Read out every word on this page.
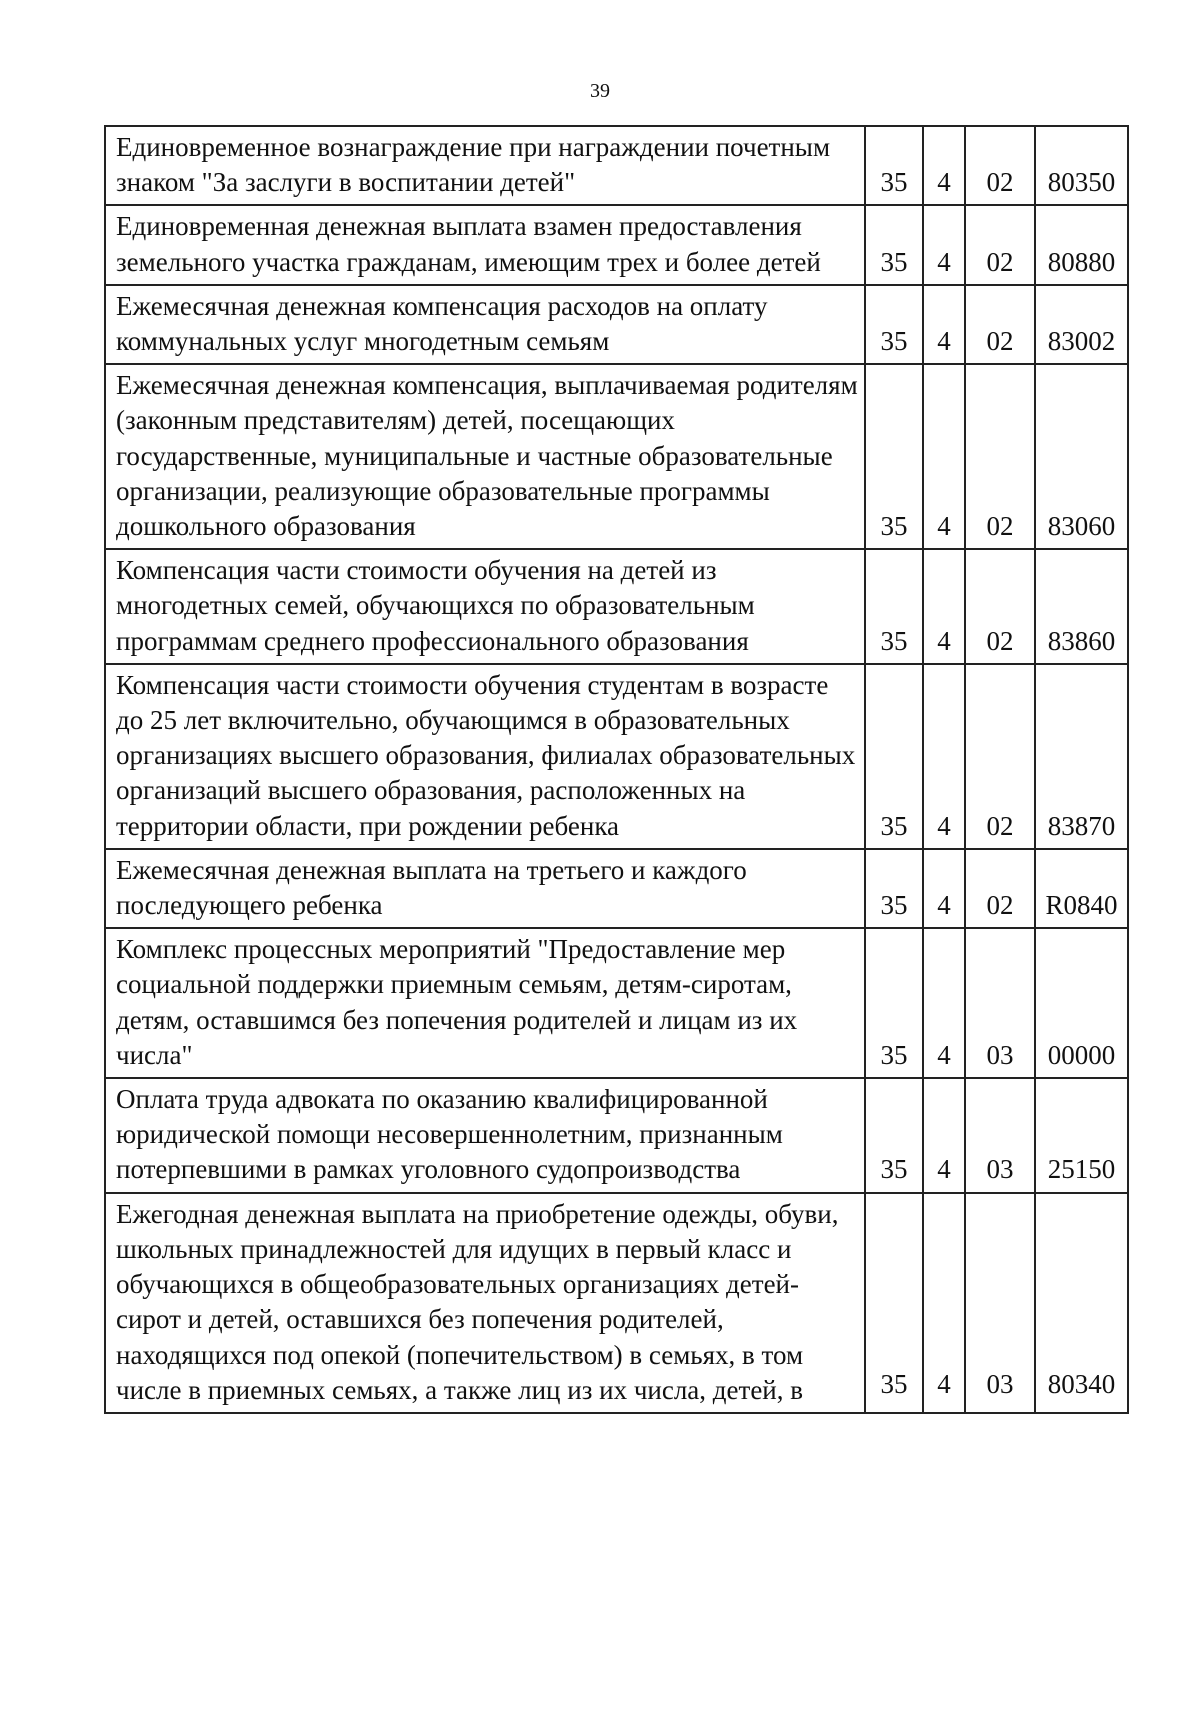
39
Единовременное вознаграждение при награждении почетным знаком "За заслуги в воспитании детей"	35	4	02	80350
Единовременная денежная выплата взамен предоставления земельного участка гражданам, имеющим трех и более детей	35	4	02	80880
Ежемесячная денежная компенсация расходов на оплату коммунальных услуг многодетным семьям	35	4	02	83002
Ежемесячная денежная компенсация, выплачиваемая родителям (законным представителям) детей, посещающих государственные, муниципальные и частные образовательные организации, реализующие образовательные программы дошкольного образования	35	4	02	83060
Компенсация части стоимости обучения на детей из многодетных семей, обучающихся по образовательным программам среднего профессионального образования	35	4	02	83860
Компенсация части стоимости обучения студентам в возрасте до 25 лет включительно, обучающимся в образовательных организациях высшего образования, филиалах образовательных организаций высшего образования, расположенных на территории области, при рождении ребенка	35	4	02	83870
Ежемесячная денежная выплата на третьего и каждого последующего ребенка	35	4	02	R0840
Комплекс процессных мероприятий "Предоставление мер социальной поддержки приемным семьям, детям-сиротам, детям, оставшимся без попечения родителей и лицам из их числа"	35	4	03	00000
Оплата труда адвоката по оказанию квалифицированной юридической помощи несовершеннолетним, признанным потерпевшими в рамках уголовного судопроизводства	35	4	03	25150
Ежегодная денежная выплата на приобретение одежды, обуви, школьных принадлежностей для идущих в первый класс и обучающихся в общеобразовательных организациях детей-сирот и детей, оставшихся без попечения родителей, находящихся под опекой (попечительством) в семьях, в том числе в приемных семьях, а также лиц из их числа, детей, в	35	4	03	80340
